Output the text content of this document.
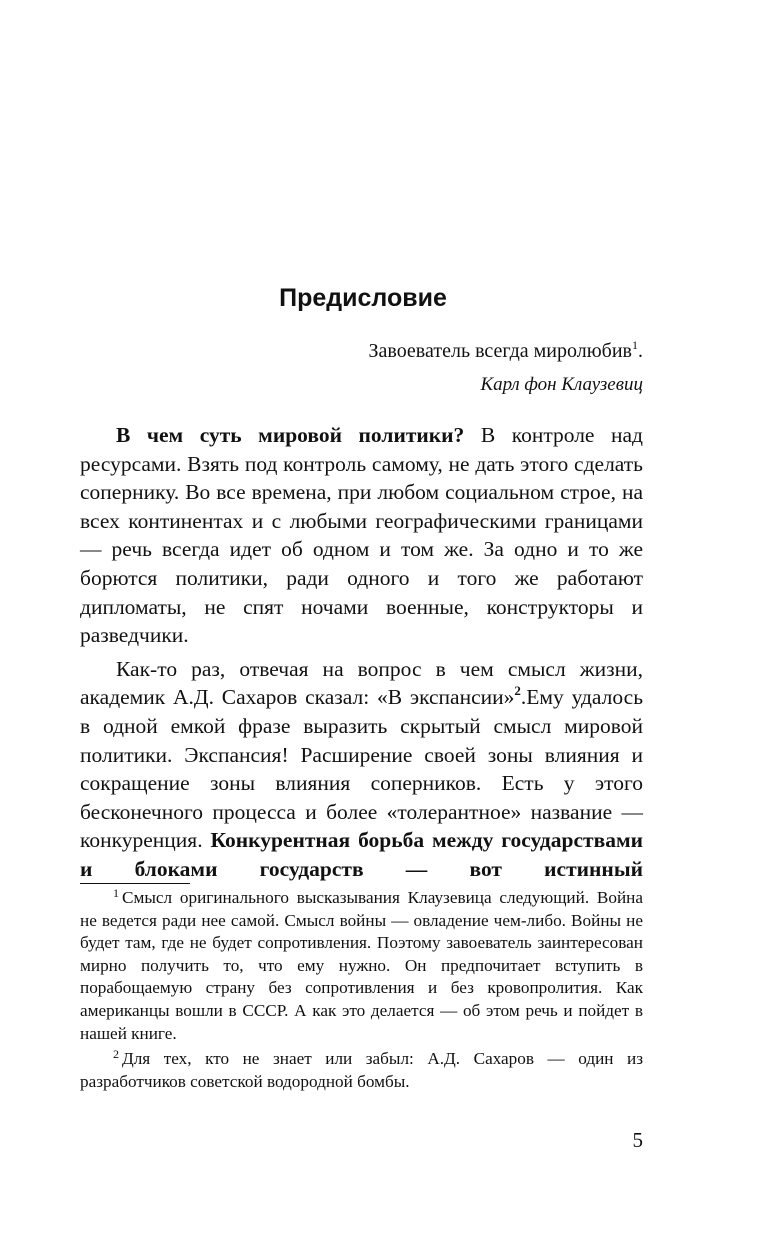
Предисловие
Завоеватель всегда миролюбив$^1$.
Карл фон Клаузевиц

В чем суть мировой политики? В контроле над ресурсами. Взять под контроль самому, не дать этого сделать сопернику. Во все времена, при любом социальном строе, на всех континентах и с любыми географическими границами — речь всегда идет об одном и том же. За одно и то же борются политики, ради одного и того же работают дипломаты, не спят ночами военные, конструкторы и разведчики.

Как-то раз, отвечая на вопрос в чем смысл жизни, академик А.Д. Сахаров сказал: «В экспансии»$^2$.Ему удалось в одной емкой фразе выразить скрытый смысл мировой политики. Экспансия! Расширение своей зоны влияния и сокращение зоны влияния соперников. Есть у этого бесконечного процесса и более «толерантное» название — конкуренция. Конкурентная борьба между государствами и блоками государств — вот истинный

$^1$ Смысл оригинального высказывания Клаузевица следующий. Война не ведется ради нее самой. Смысл войны — овладение чем-либо. Войны не будет там, где не будет сопротивления. Поэтому завоеватель заинтересован мирно получить то, что ему нужно. Он предпочитает вступить в порабощаемую страну без сопротивления и без кровопролития. Как американцы вошли в СССР. А как это делается — об этом речь и пойдет в нашей книге.

$^2$ Для тех, кто не знает или забыл: А.Д. Сахаров — один из разработчиков советской водородной бомбы.

5
